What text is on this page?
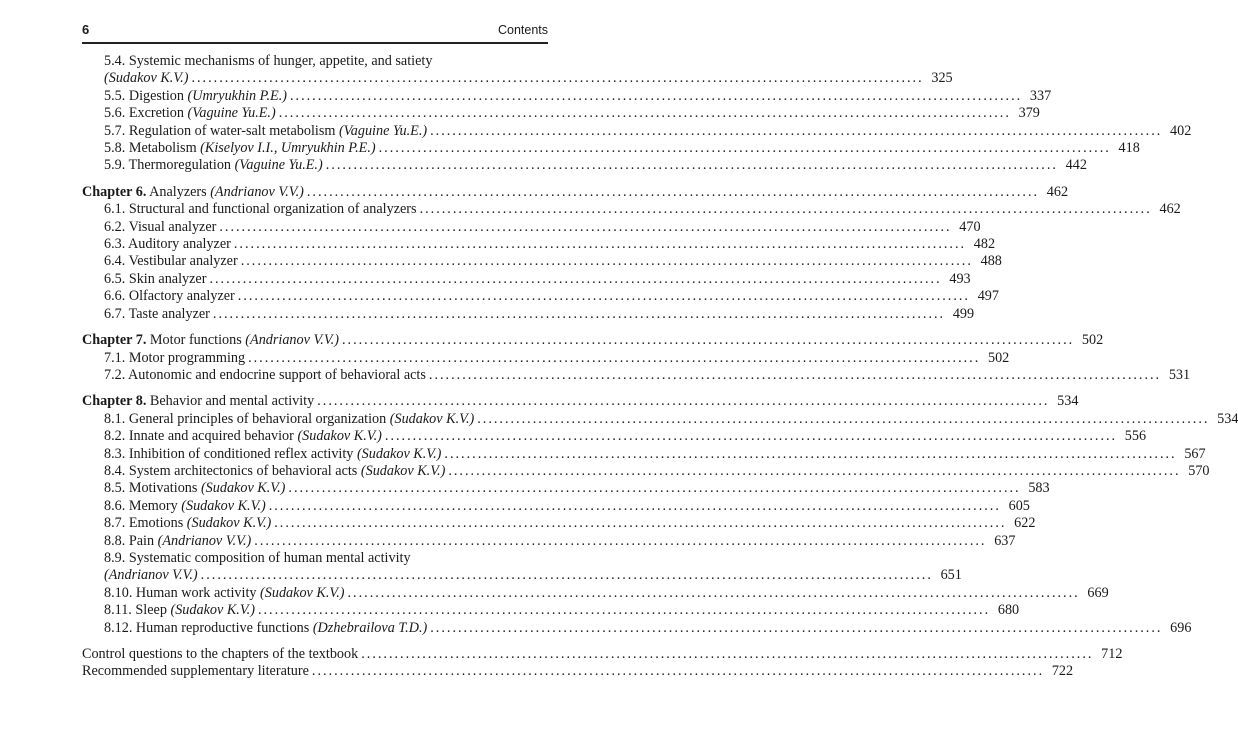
6	Contents
5.4. Systemic mechanisms of hunger, appetite, and satiety
(Sudakov K.V.) .....	325
5.5. Digestion (Umryukhin P.E.) .....	337
5.6. Excretion (Vaguine Yu.E.) .....	379
5.7. Regulation of water-salt metabolism (Vaguine Yu.E.) .....	402
5.8. Metabolism (Kiselyov I.I., Umryukhin P.E.) .....	418
5.9. Thermoregulation (Vaguine Yu.E.) .....	442
Chapter 6. Analyzers (Andrianov V.V.) .....	462
6.1. Structural and functional organization of analyzers .....	462
6.2. Visual analyzer .....	470
6.3. Auditory analyzer .....	482
6.4. Vestibular analyzer .....	488
6.5. Skin analyzer .....	493
6.6. Olfactory analyzer .....	497
6.7. Taste analyzer .....	499
Chapter 7. Motor functions (Andrianov V.V.) .....	502
7.1. Motor programming .....	502
7.2. Autonomic and endocrine support of behavioral acts .....	531
Chapter 8. Behavior and mental activity .....	534
8.1. General principles of behavioral organization (Sudakov K.V.) .....	534
8.2. Innate and acquired behavior (Sudakov K.V.) .....	556
8.3. Inhibition of conditioned reflex activity (Sudakov K.V.) .....	567
8.4. System architectonics of behavioral acts (Sudakov K.V.) .....	570
8.5. Motivations (Sudakov K.V.) .....	583
8.6. Memory (Sudakov K.V.) .....	605
8.7. Emotions (Sudakov K.V.) .....	622
8.8. Pain (Andrianov V.V.) .....	637
8.9. Systematic composition of human mental activity
(Andrianov V.V.) .....	651
8.10. Human work activity (Sudakov K.V.) .....	669
8.11. Sleep (Sudakov K.V.) .....	680
8.12. Human reproductive functions (Dzhebrailova T.D.) .....	696
Control questions to the chapters of the textbook .....	712
Recommended supplementary literature .....	722
